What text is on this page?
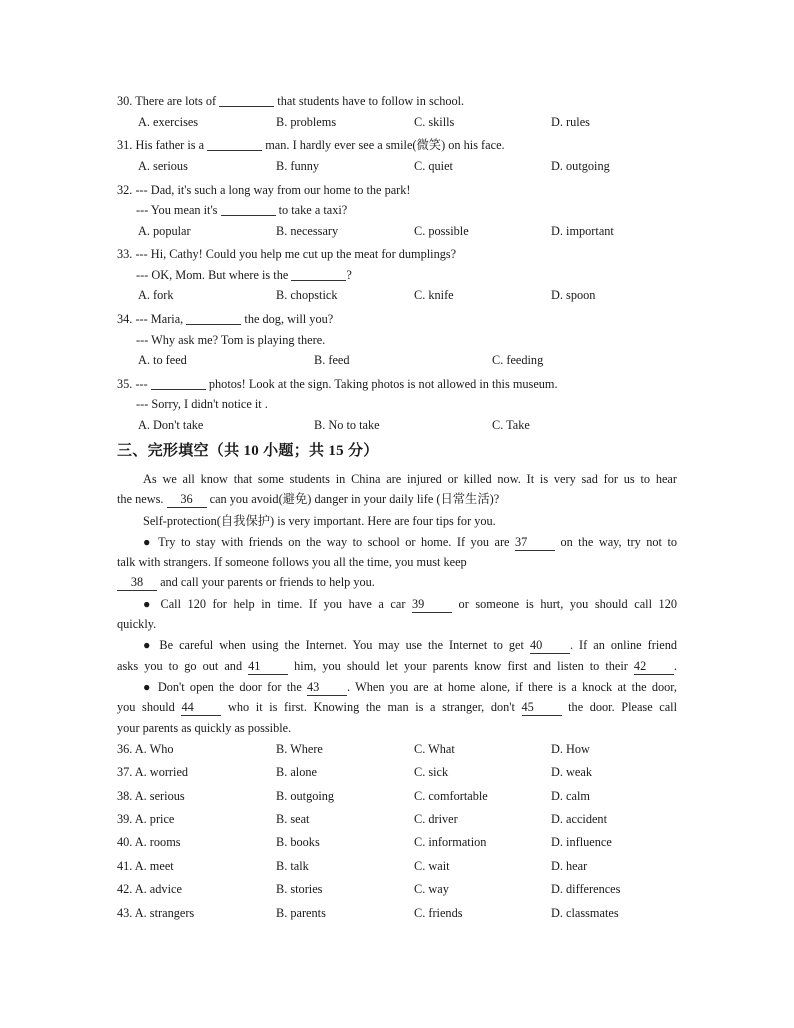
30. There are lots of	that students have to follow in school.
A. exercises	B. problems	C. skills	D. rules
31. His father is a	man. I hardly ever see a smile(微笑) on his face.
A. serious	B. funny	C. quiet	D. outgoing
32. --- Dad, it's such a long way from our home to the park!
--- You mean it's	to take a taxi?
A. popular	B. necessary	C. possible	D. important
33. --- Hi, Cathy! Could you help me cut up the meat for dumplings?
--- OK, Mom. But where is the	?
A. fork	B. chopstick	C. knife	D. spoon
34. --- Maria,	the dog, will you?
--- Why ask me? Tom is playing there.
A. to feed	B. feed	C. feeding
35. ---	photos! Look at the sign. Taking photos is not allowed in this museum.
--- Sorry, I didn't notice it .
A. Don't take	B. No to take	C. Take
三、完形填空（共 10 小题；共 15 分）
As we all know that some students in China are injured or killed now. It is very sad for us to hear
the news. 36 can you avoid(避免) danger in your daily life (日常生活)?
Self-protection(自我保护) is very important. Here are four tips for you.
● Try to stay with friends on the way to school or home. If you are 37 on the way, try not to
talk with strangers. If someone follows you all the time, you must keep
38 and call your parents or friends to help you.
● Call 120 for help in time. If you have a car 39 or someone is hurt, you should call 120
quickly.
● Be careful when using the Internet. You may use the Internet to get 40 . If an online friend
asks you to go out and 41 him, you should let your parents know first and listen to their 42 .
● Don't open the door for the 43 . When you are at home alone, if there is a knock at the door,
you should 44 who it is first. Knowing the man is a stranger, don't 45 the door. Please call
your parents as quickly as possible.
36. A. Who	B. Where	C. What	D. How
37. A. worried	B. alone	C. sick	D. weak
38. A. serious	B. outgoing	C. comfortable	D. calm
39. A. price	B. seat	C. driver	D. accident
40. A. rooms	B. books	C. information	D. influence
41. A. meet	B. talk	C. wait	D. hear
42. A. advice	B. stories	C. way	D. differences
43. A. strangers	B. parents	C. friends	D. classmates
